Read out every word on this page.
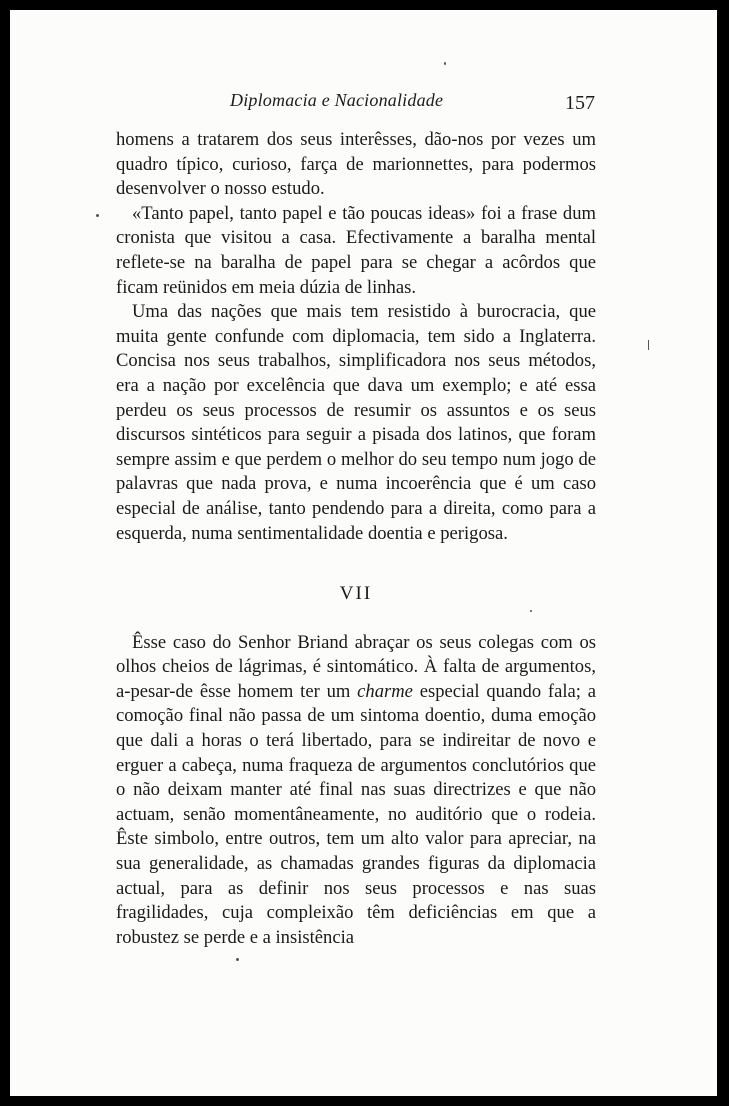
Diplomacia e Nacionalidade	157

homens a tratarem dos seus interêsses, dão-nos por vezes um quadro típico, curioso, farça de marionnettes, para podermos desenvolver o nosso estudo.

«Tanto papel, tanto papel e tão poucas ideas» foi a frase dum cronista que visitou a casa. Efectivamente a baralha mental reflete-se na baralha de papel para se chegar a acôrdos que ficam reünidos em meia dúzia de linhas.

Uma das nações que mais tem resistido à burocracia, que muita gente confunde com diplomacia, tem sido a Inglaterra. Concisa nos seus trabalhos, simplificadora nos seus métodos, era a nação por excelência que dava um exemplo; e até essa perdeu os seus processos de resumir os assuntos e os seus discursos sintéticos para seguir a pisada dos latinos, que foram sempre assim e que perdem o melhor do seu tempo num jogo de palavras que nada prova, e numa incoerência que é um caso especial de análise, tanto pendendo para a direita, como para a esquerda, numa sentimentalidade doentia e perigosa.

VII

Êsse caso do Senhor Briand abraçar os seus colegas com os olhos cheios de lágrimas, é sintomático. À falta de argumentos, a-pesar-de êsse homem ter um charme especial quando fala; a comoção final não passa de um sintoma doentio, duma emoção que dali a horas o terá libertado, para se indireitar de novo e erguer a cabeça, numa fraqueza de argumentos conclutórios que o não deixam manter até final nas suas directrizes e que não actuam, senão momentâneamente, no auditório que o rodeia. Êste simbolo, entre outros, tem um alto valor para apreciar, na sua generalidade, as chamadas grandes figuras da diplomacia actual, para as definir nos seus processos e nas suas fragilidades, cuja compleixão têm deficiências em que a robustez se perde e a insistência
